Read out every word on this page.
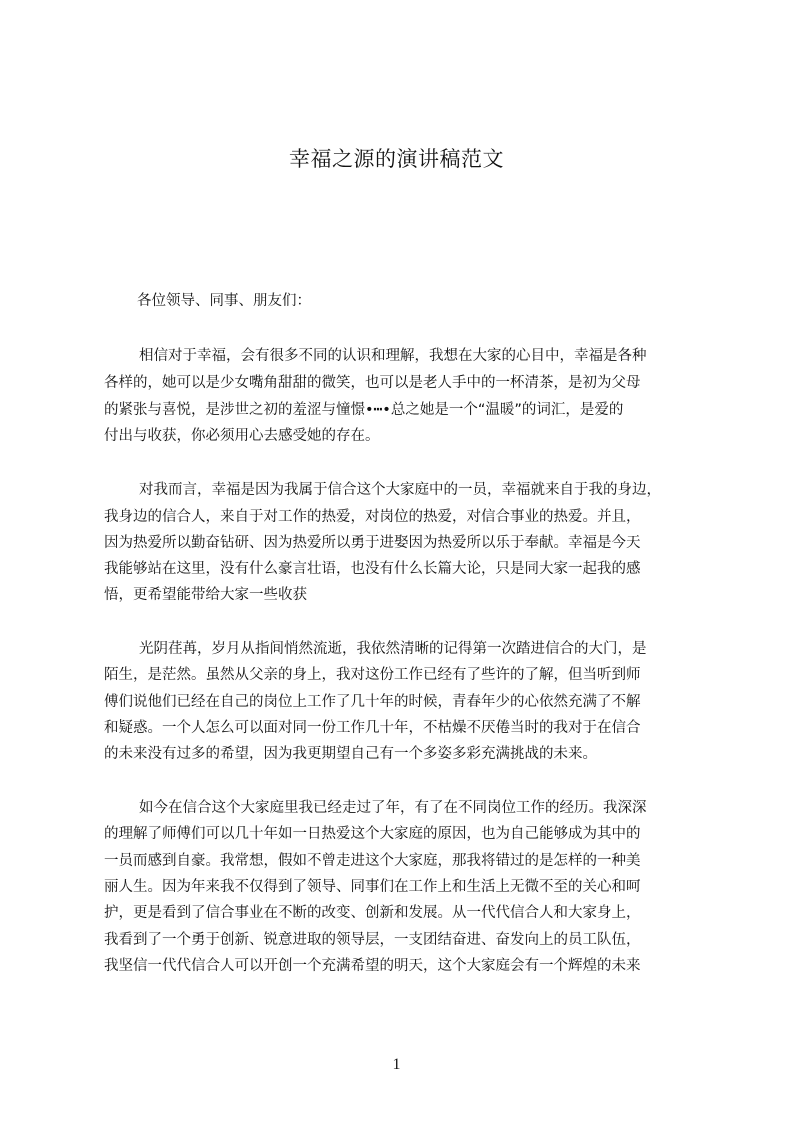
幸福之源的演讲稿范文
各位领导、同事、朋友们：
相信对于幸福，会有很多不同的认识和理解，我想在大家的心目中，幸福是各种
各样的，她可以是少女嘴角甜甜的微笑，也可以是老人手中的一杯清茶，是初为父母
的紧张与喜悦，是涉世之初的羞涩与憧憬•┅•总之她是一个“温暖”的词汇，是爱的
付出与收获，你必须用心去感受她的存在。
对我而言，幸福是因为我属于信合这个大家庭中的一员，幸福就来自于我的身边，
我身边的信合人，来自于对工作的热爱，对岗位的热爱，对信合事业的热爱。并且，
因为热爱所以勤奋钻研、因为热爱所以勇于进娶因为热爱所以乐于奉献。幸福是今天
我能够站在这里，没有什么豪言壮语，也没有什么长篇大论，只是同大家一起我的感
悟，更希望能带给大家一些收获
光阴荏苒，岁月从指间悄然流逝，我依然清晰的记得第一次踏进信合的大门，是
陌生，是茫然。虽然从父亲的身上，我对这份工作已经有了些许的了解，但当听到师
傅们说他们已经在自己的岗位上工作了几十年的时候，青春年少的心依然充满了不解
和疑惑。一个人怎么可以面对同一份工作几十年，不枯燥不厌倦当时的我对于在信合
的未来没有过多的希望，因为我更期望自己有一个多姿多彩充满挑战的未来。
如今在信合这个大家庭里我已经走过了年，有了在不同岗位工作的经历。我深深
的理解了师傅们可以几十年如一日热爱这个大家庭的原因，也为自己能够成为其中的
一员而感到自豪。我常想，假如不曾走进这个大家庭，那我将错过的是怎样的一种美
丽人生。因为年来我不仅得到了领导、同事们在工作上和生活上无微不至的关心和呵
护，更是看到了信合事业在不断的改变、创新和发展。从一代代信合人和大家身上，
我看到了一个勇于创新、锐意进取的领导层，一支团结奋进、奋发向上的员工队伍，
我坚信一代代信合人可以开创一个充满希望的明天，这个大家庭会有一个辉煌的未来
1
